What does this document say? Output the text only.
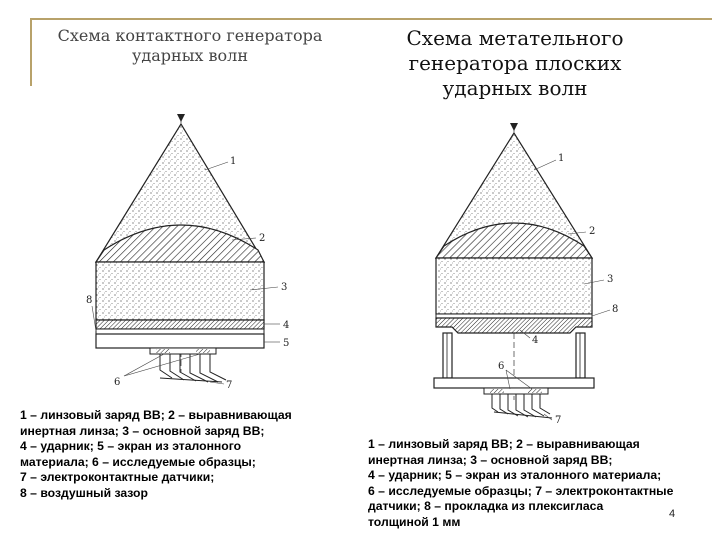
Схема контактного генератора ударных волн
Схема метательного генератора плоских ударных волн
1
2
3
4
5
6	7
8
1
2
3
4
6
7
8
1 – линзовый заряд ВВ; 2 – выравнивающая
инертная линза; 3 – основной заряд ВВ;
4 – ударник; 5 – экран из эталонного
материала; 6 – исследуемые образцы;
7 – электроконтактные датчики;
8 – воздушный зазор
1 – линзовый заряд ВВ; 2 – выравнивающая
инертная линза; 3 – основной заряд ВВ;
4 – ударник; 5 – экран из эталонного материала;
6 – исследуемые образцы; 7 – электроконтактные
датчики; 8 – прокладка из плексигласа
толщиной 1 мм
4
